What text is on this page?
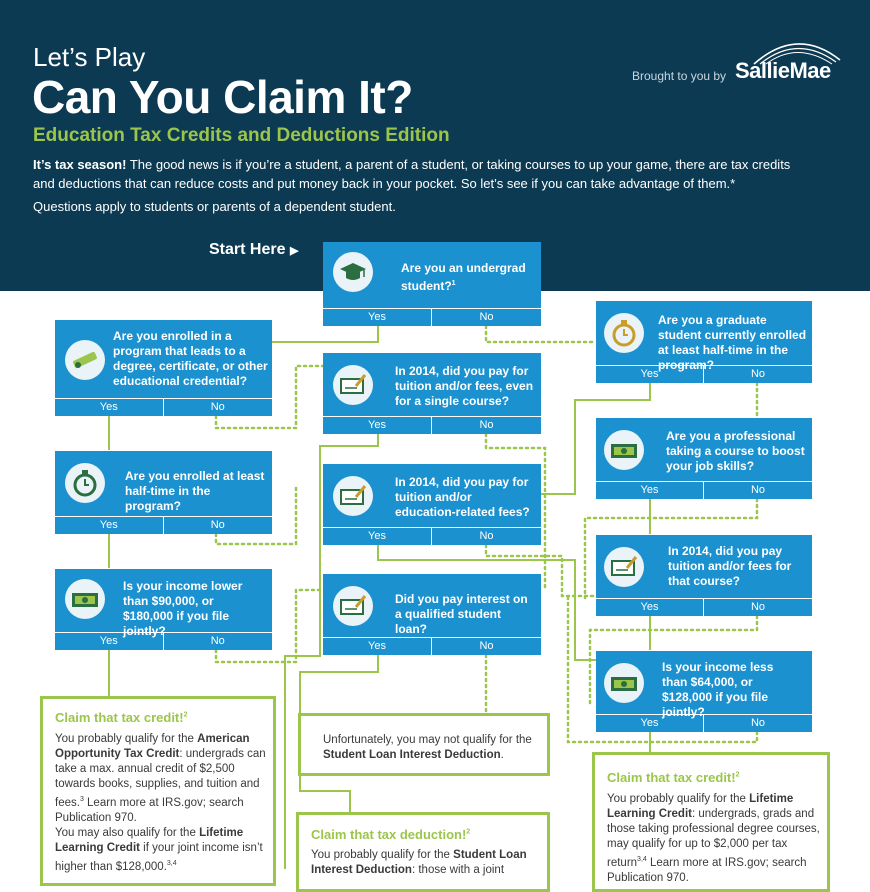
Let’s Play
Can You Claim It?
Education Tax Credits and Deductions Edition
It’s tax season! The good news is if you’re a student, a parent of a student, or taking courses to up your game, there are tax credits and deductions that can reduce costs and put money back in your pocket. So let’s see if you can take advantage of them.*
Questions apply to students or parents of a dependent student.
Brought to you by SallieMae
Start Here ▶
Are you an undergrad student?$^1$
Yes	No	Are you a graduate student currently enrolled at least half-time in the program?
Yes	No
Are you enrolled in a program that leads to a degree, certificate, or other educational credential?
Yes	No
In 2014, did you pay for tuition and/or fees, even for a single course?
Yes	No
Are you a professional taking a course to boost your job skills?
Yes	No
Are you enrolled at least half-time in the program?
Yes	No
In 2014, did you pay for tuition and/or education-related fees?
Yes	No
In 2014, did you pay tuition and/or fees for that course?
Yes	No
Is your income lower than $90,000, or $180,000 if you file jointly?
Yes	No
Did you pay interest on a qualified student loan?
Yes	No
Is your income less than $64,000, or $128,000 if you file jointly?
Yes	No
Claim that tax credit!$^2$
You probably qualify for the American Opportunity Tax Credit: undergrads can take a max. annual credit of $2,500 towards books, supplies, and tuition and fees.$^3$ Learn more at IRS.gov; search Publication 970.
You may also qualify for the Lifetime Learning Credit if your joint income isn’t higher than $128,000.$^{3,4}$
Unfortunately, you may not qualify for the Student Loan Interest Deduction.
Claim that tax deduction!$^2$
You probably qualify for the Student Loan Interest Deduction: those with a joint
Claim that tax credit!$^2$
You probably qualify for the Lifetime Learning Credit: undergrads, grads and those taking professional degree courses, may qualify for up to $2,000 per tax return$^{3,4}$ Learn more at IRS.gov; search Publication 970.
